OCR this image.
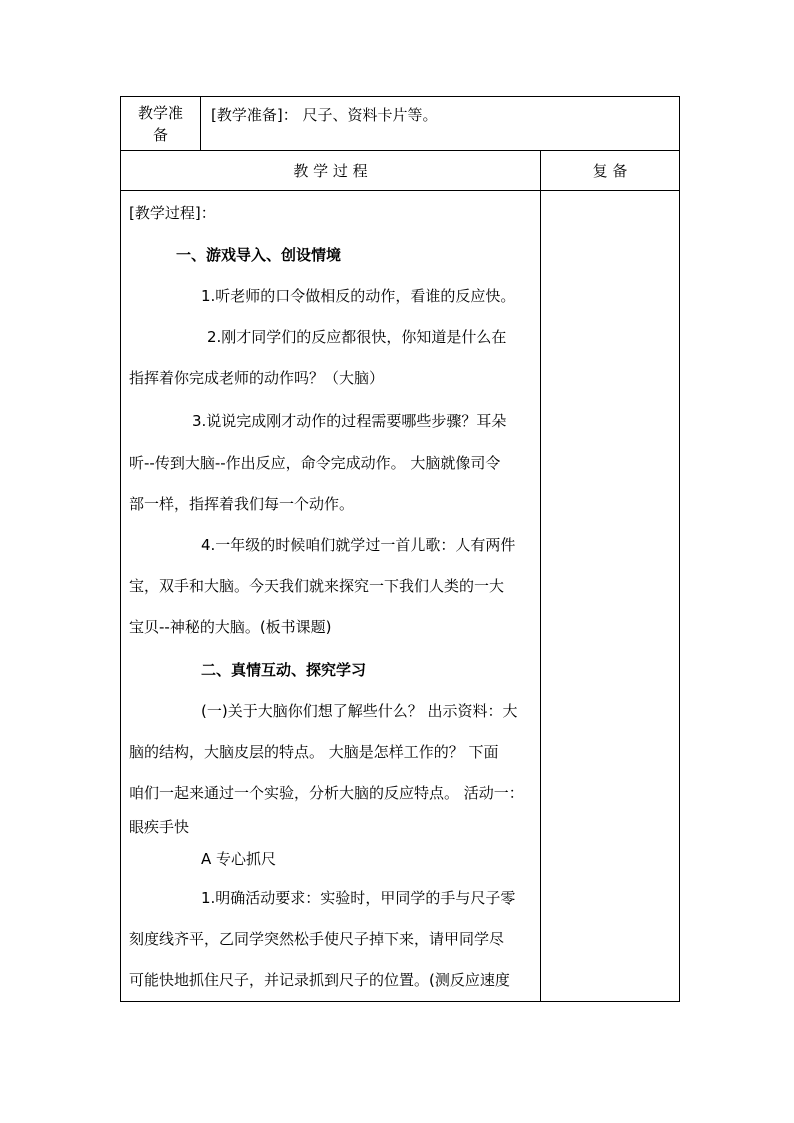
教学准
备
[教学准备]： 尺子、资料卡片等。
教 学 过 程	复 备
[教学过程]：
一、游戏导入、创设情境
1.听老师的口令做相反的动作，看谁的反应快。
2.刚才同学们的反应都很快，你知道是什么在
指挥着你完成老师的动作吗？（大脑）
3.说说完成刚才动作的过程需要哪些步骤？耳朵
听--传到大脑--作出反应，命令完成动作。 大脑就像司令
部一样，指挥着我们每一个动作。
4.一年级的时候咱们就学过一首儿歌：人有两件
宝，双手和大脑。今天我们就来探究一下我们人类的一大
宝贝--神秘的大脑。(板书课题)
二、真情互动、探究学习
(一)关于大脑你们想了解些什么？ 出示资料：大
脑的结构，大脑皮层的特点。 大脑是怎样工作的？ 下面
咱们一起来通过一个实验，分析大脑的反应特点。 活动一：
眼疾手快
A 专心抓尺
1.明确活动要求：实验时，甲同学的手与尺子零
刻度线齐平，乙同学突然松手使尺子掉下来，请甲同学尽
可能快地抓住尺子，并记录抓到尺子的位置。(测反应速度
